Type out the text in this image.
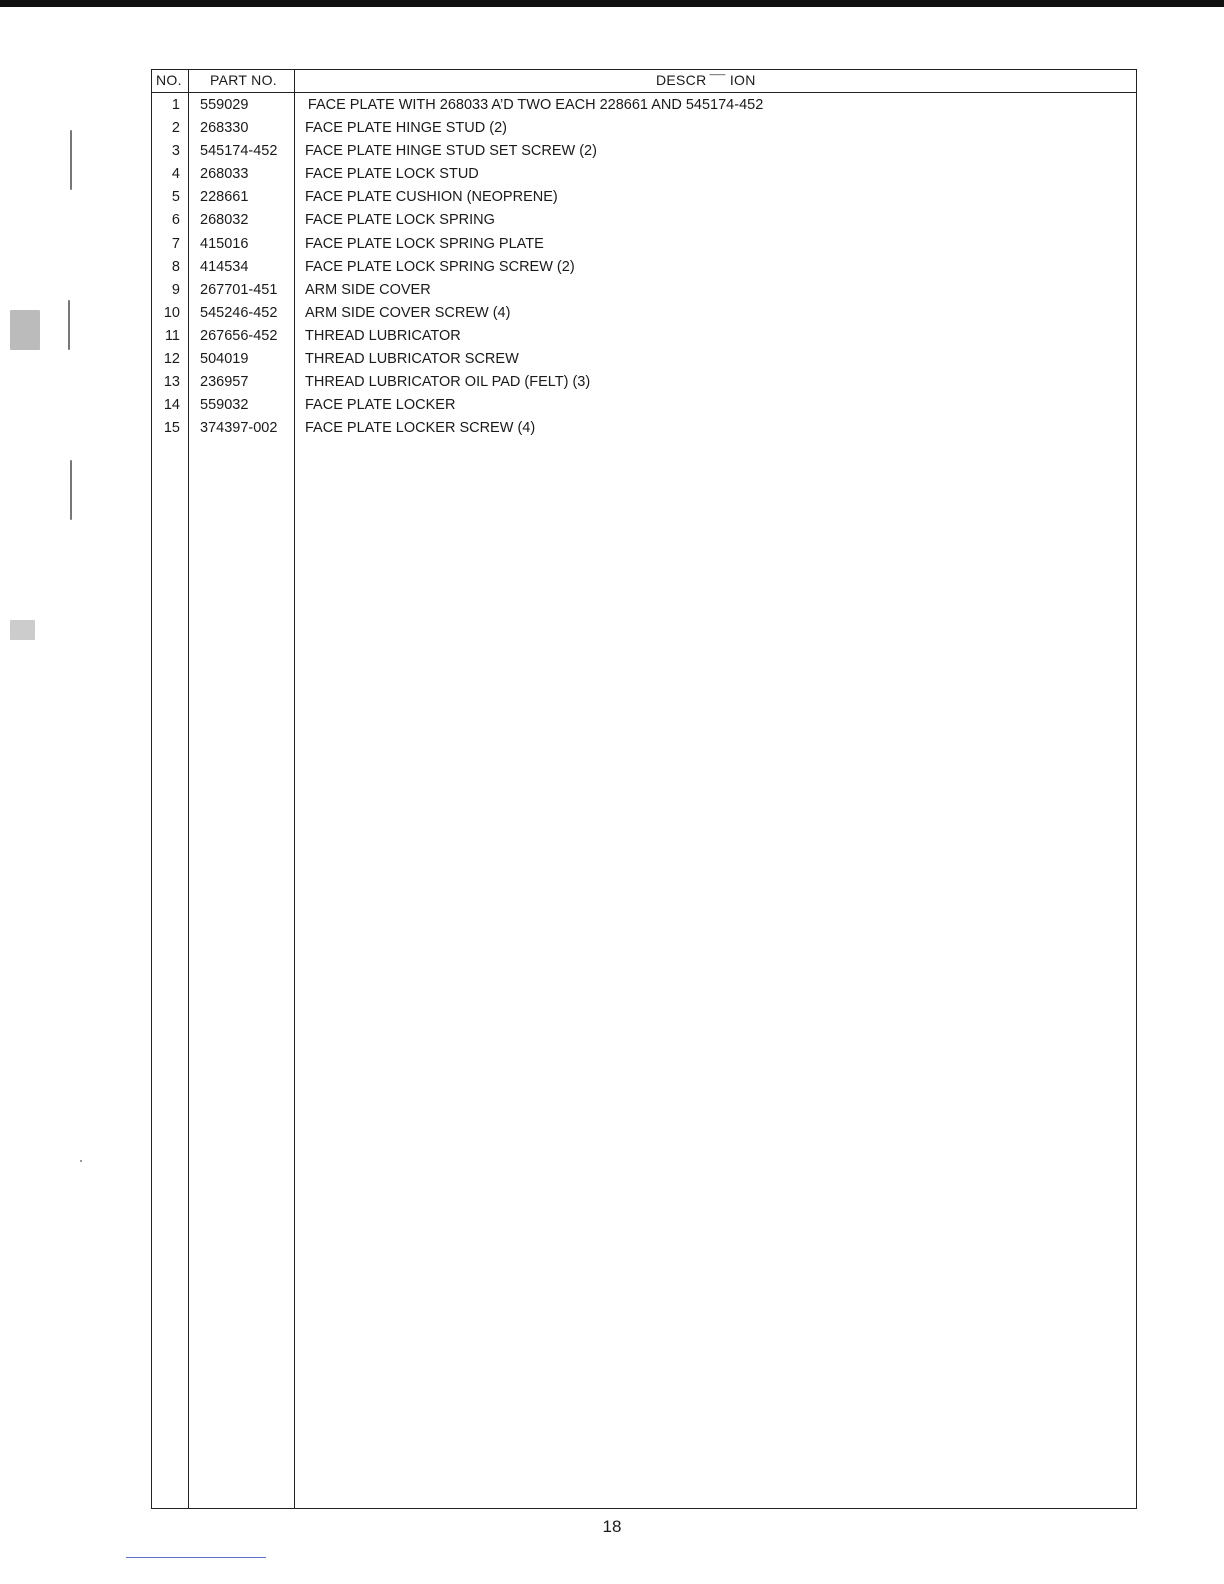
NO. PART NO.	DESCR ¯¯ ION
1 559029	 FACE PLATE WITH 268033 A’D TWO EACH 228661 AND 545174-452
2 268330	FACE PLATE HINGE STUD (2)
3 545174-452 FACE PLATE HINGE STUD SET SCREW (2)
4 268033	FACE PLATE LOCK STUD
5 228661	FACE PLATE CUSHION (NEOPRENE)
6 268032	FACE PLATE LOCK SPRING
7 415016	FACE PLATE LOCK SPRING PLATE
8 414534	FACE PLATE LOCK SPRING SCREW (2)
9 267701-451 ARM SIDE COVER
10 545246-452 ARM SIDE COVER SCREW (4)
11 267656-452 THREAD LUBRICATOR
12 504019	THREAD LUBRICATOR SCREW
13 236957	THREAD LUBRICATOR OIL PAD (FELT) (3)
14 559032	FACE PLATE LOCKER
15 374397-002 FACE PLATE LOCKER SCREW (4)
18
